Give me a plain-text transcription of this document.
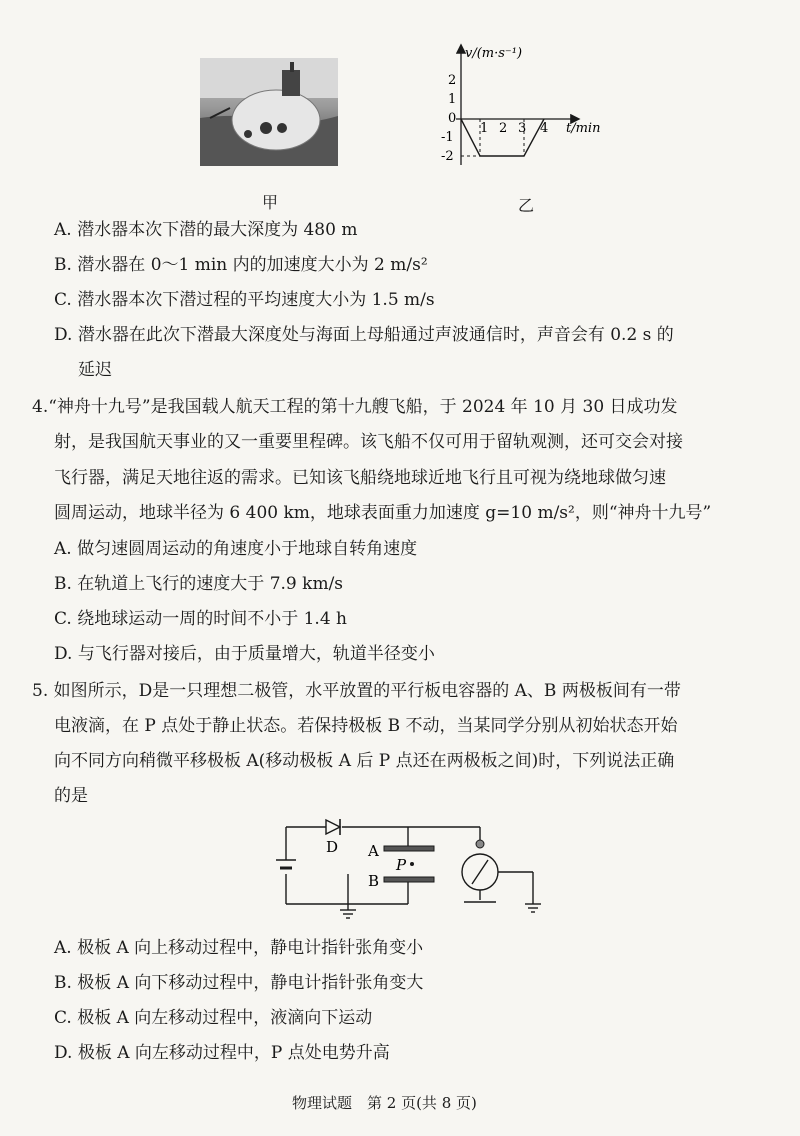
v/(m·s⁻¹)
t/min
2
1
0
-1
-2
1 2 3 4
甲	乙
A. 潜水器本次下潜的最大深度为 480 m
B. 潜水器在 0～1 min 内的加速度大小为 2 m/s²
C. 潜水器本次下潜过程的平均速度大小为 1.5 m/s
D. 潜水器在此次下潜最大深度处与海面上母船通过声波通信时，声音会有 0.2 s 的
延迟
4.“神舟十九号”是我国载人航天工程的第十九艘飞船，于 2024 年 10 月 30 日成功发
射，是我国航天事业的又一重要里程碑。该飞船不仅可用于留轨观测，还可交会对接
飞行器，满足天地往返的需求。已知该飞船绕地球近地飞行且可视为绕地球做匀速
圆周运动，地球半径为 6 400 km，地球表面重力加速度 g=10 m/s²，则“神舟十九号”
A. 做匀速圆周运动的角速度小于地球自转角速度
B. 在轨道上飞行的速度大于 7.9 km/s
C. 绕地球运动一周的时间不小于 1.4 h
D. 与飞行器对接后，由于质量增大，轨道半径变小
5. 如图所示，D是一只理想二极管，水平放置的平行板电容器的 A、B 两极板间有一带
电液滴，在 P 点处于静止状态。若保持极板 B 不动，当某同学分别从初始状态开始
向不同方向稍微平移极板 A(移动极板 A 后 P 点还在两极板之间)时，下列说法正确
的是
D A
B
P
A. 极板 A 向上移动过程中，静电计指针张角变小
B. 极板 A 向下移动过程中，静电计指针张角变大
C. 极板 A 向左移动过程中，液滴向下运动
D. 极板 A 向左移动过程中，P 点处电势升高
物理试题　第 2 页(共 8 页)
